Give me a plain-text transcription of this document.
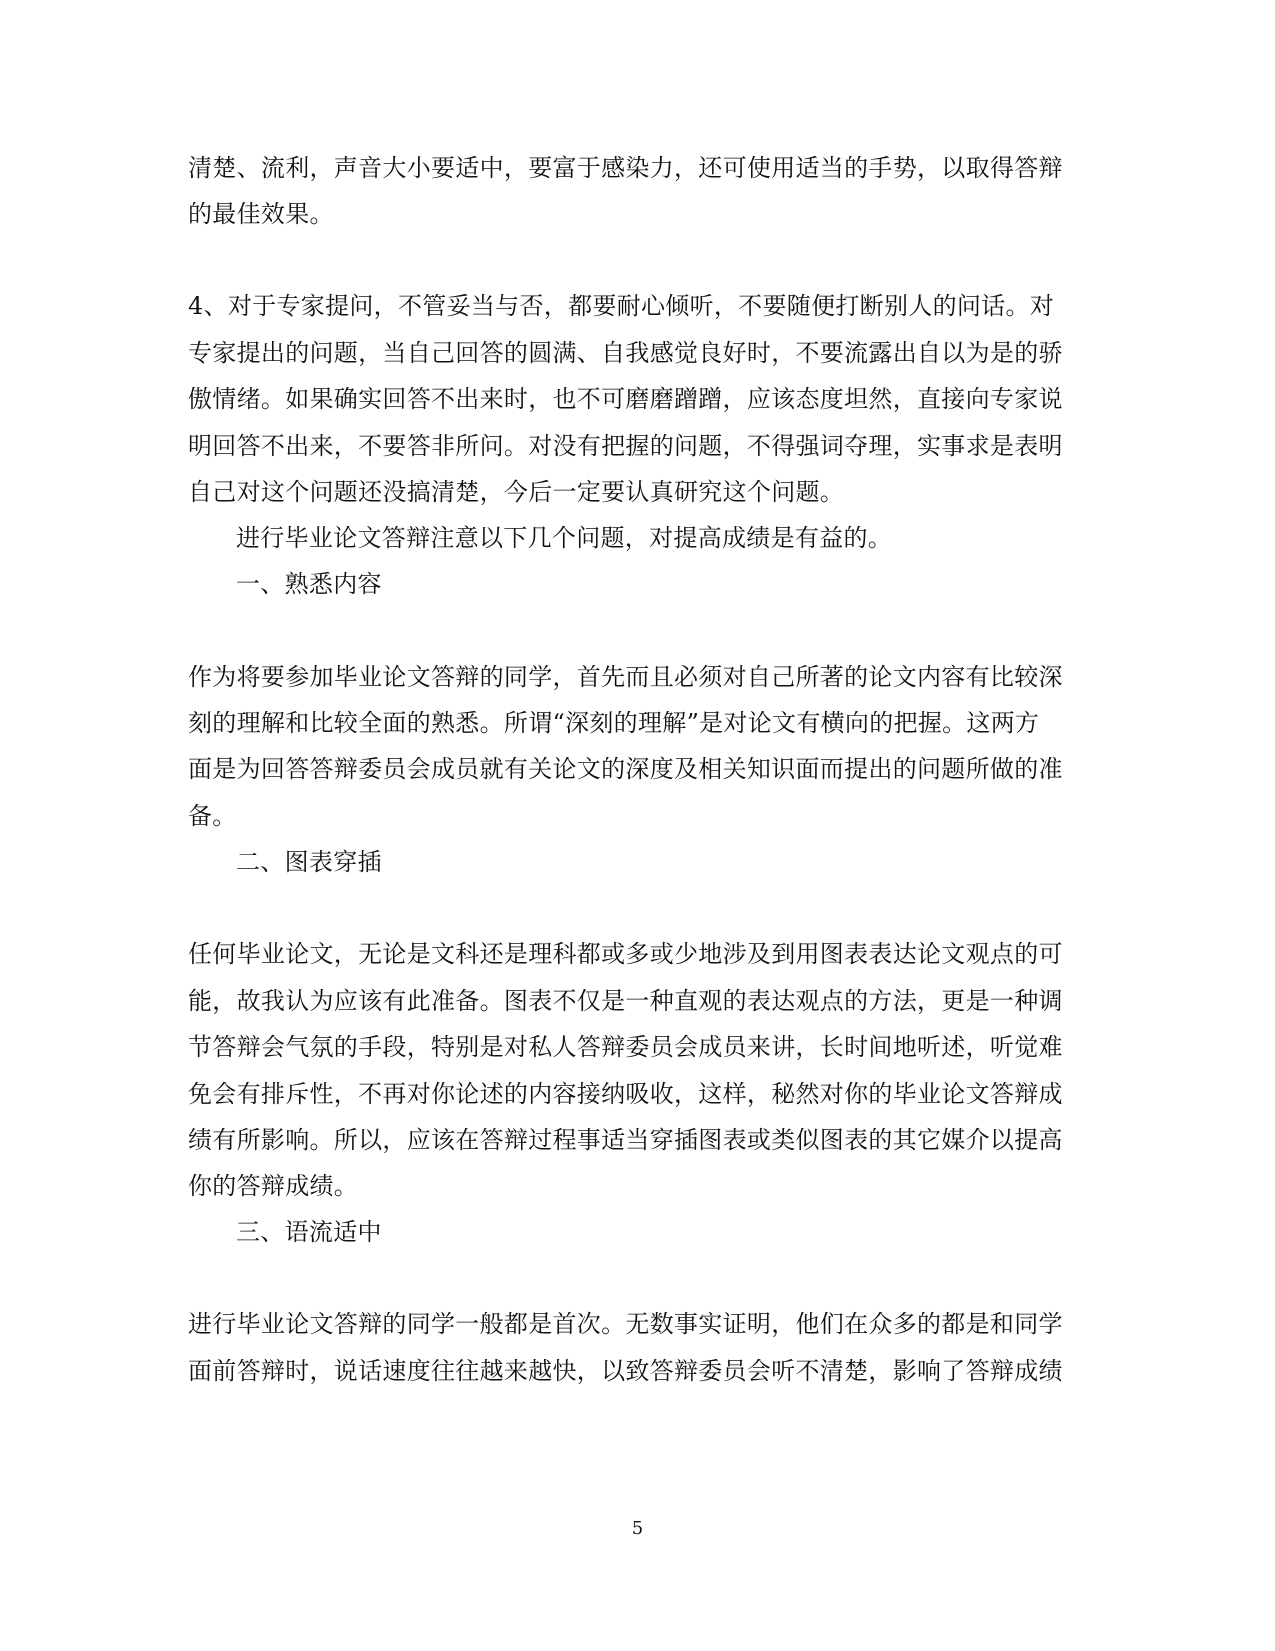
清楚、流利，声音大小要适中，要富于感染力，还可使用适当的手势，以取得答辩
的最佳效果。
4、对于专家提问，不管妥当与否，都要耐心倾听，不要随便打断别人的问话。对
专家提出的问题，当自己回答的圆满、自我感觉良好时，不要流露出自以为是的骄
傲情绪。如果确实回答不出来时，也不可磨磨蹭蹭，应该态度坦然，直接向专家说
明回答不出来，不要答非所问。对没有把握的问题，不得强词夺理，实事求是表明
自己对这个问题还没搞清楚，今后一定要认真研究这个问题。
进行毕业论文答辩注意以下几个问题，对提高成绩是有益的。
一、熟悉内容
作为将要参加毕业论文答辩的同学，首先而且必须对自己所著的论文内容有比较深
刻的理解和比较全面的熟悉。所谓“深刻的理解”是对论文有横向的把握。这两方
面是为回答答辩委员会成员就有关论文的深度及相关知识面而提出的问题所做的准
备。
二、图表穿插
任何毕业论文，无论是文科还是理科都或多或少地涉及到用图表表达论文观点的可
能，故我认为应该有此准备。图表不仅是一种直观的表达观点的方法，更是一种调
节答辩会气氛的手段，特别是对私人答辩委员会成员来讲，长时间地听述，听觉难
免会有排斥性，不再对你论述的内容接纳吸收，这样，秘然对你的毕业论文答辩成
绩有所影响。所以，应该在答辩过程事适当穿插图表或类似图表的其它媒介以提高
你的答辩成绩。
三、语流适中
进行毕业论文答辩的同学一般都是首次。无数事实证明，他们在众多的都是和同学
面前答辩时，说话速度往往越来越快，以致答辩委员会听不清楚，影响了答辩成绩
5
